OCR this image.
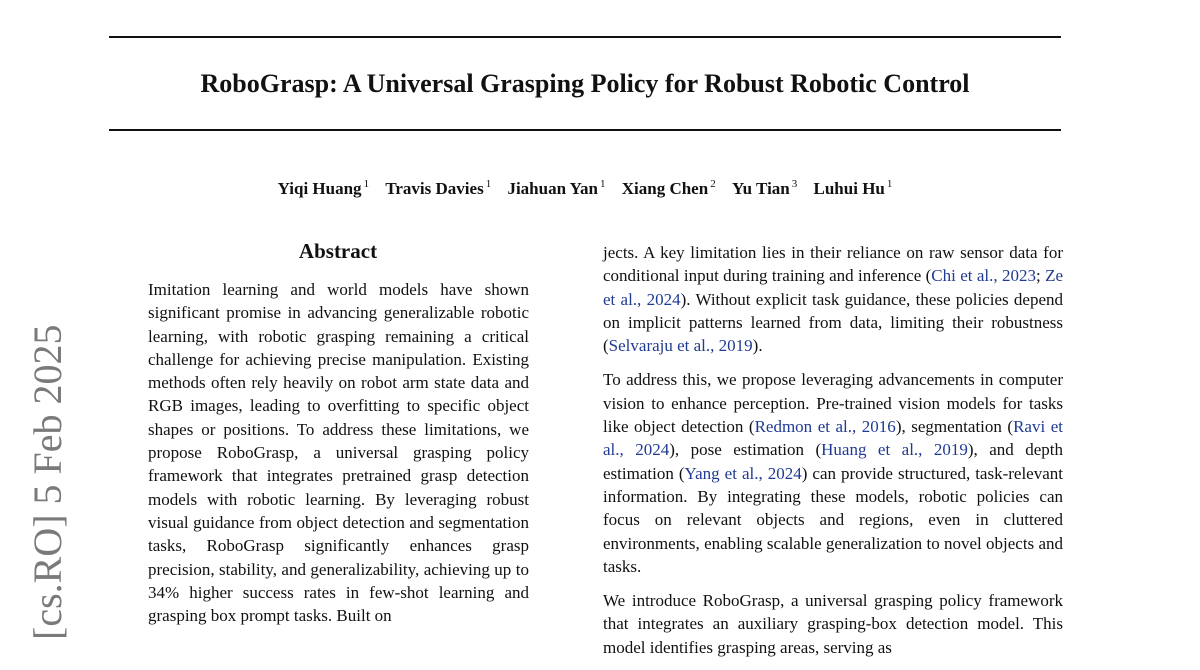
RoboGrasp: A Universal Grasping Policy for Robust Robotic Control
Yiqi Huang $^1$ Travis Davies $^1$ Jiahuan Yan $^1$ Xiang Chen $^2$ Yu Tian $^3$ Luhui Hu $^1$
[cs.RO] 5 Feb 2025
Abstract

Imitation learning and world models have shown significant promise in advancing generalizable robotic learning, with robotic grasping remaining a critical challenge for achieving precise manipulation. Existing methods often rely heavily on robot arm state data and RGB images, leading to overfitting to specific object shapes or positions. To address these limitations, we propose RoboGrasp, a universal grasping policy framework that integrates pretrained grasp detection models with robotic learning. By leveraging robust visual guidance from object detection and segmentation tasks, RoboGrasp significantly enhances grasp precision, stability, and generalizability, achieving up to 34% higher success rates in few-shot learning and grasping box prompt tasks. Built on

jects. A key limitation lies in their reliance on raw sensor data for conditional input during training and inference (Chi et al., 2023; Ze et al., 2024). Without explicit task guidance, these policies depend on implicit patterns learned from data, limiting their robustness (Selvaraju et al., 2019).

To address this, we propose leveraging advancements in computer vision to enhance perception. Pre-trained vision models for tasks like object detection (Redmon et al., 2016), segmentation (Ravi et al., 2024), pose estimation (Huang et al., 2019), and depth estimation (Yang et al., 2024) can provide structured, task-relevant information. By integrating these models, robotic policies can focus on relevant objects and regions, even in cluttered environments, enabling scalable generalization to novel objects and tasks.

We introduce RoboGrasp, a universal grasping policy framework that integrates an auxiliary grasping-box detection model. This model identifies grasping areas, serving as
